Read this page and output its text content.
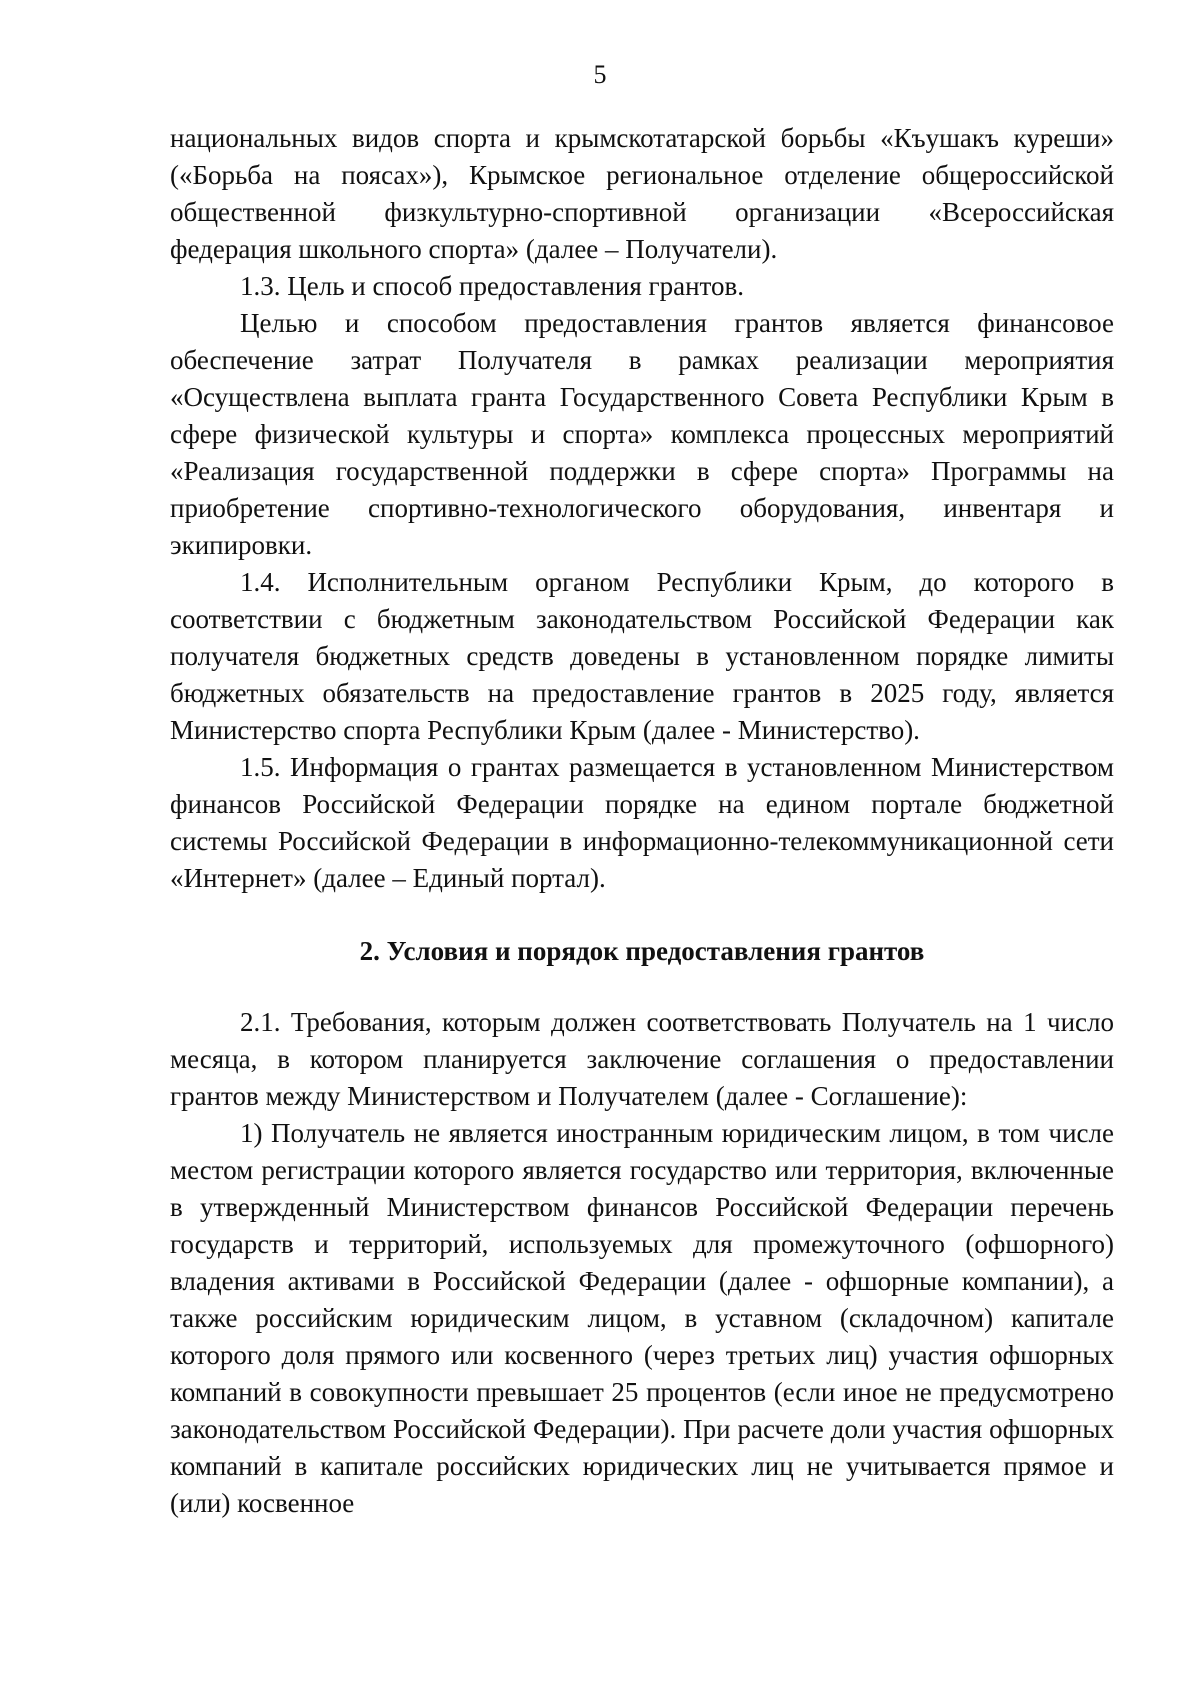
5

национальных видов спорта и крымскотатарской борьбы «Къушакъ куреши» («Борьба на поясах»), Крымское региональное отделение общероссийской общественной физкультурно-спортивной организации «Всероссийская федерация школьного спорта» (далее – Получатели).

1.3. Цель и способ предоставления грантов.

Целью и способом предоставления грантов является финансовое обеспечение затрат Получателя в рамках реализации мероприятия «Осуществлена выплата гранта Государственного Совета Республики Крым в сфере физической культуры и спорта» комплекса процессных мероприятий «Реализация государственной поддержки в сфере спорта» Программы на приобретение спортивно-технологического оборудования, инвентаря и экипировки.

1.4. Исполнительным органом Республики Крым, до которого в соответствии с бюджетным законодательством Российской Федерации как получателя бюджетных средств доведены в установленном порядке лимиты бюджетных обязательств на предоставление грантов в 2025 году, является Министерство спорта Республики Крым (далее - Министерство).

1.5. Информация о грантах размещается в установленном Министерством финансов Российской Федерации порядке на едином портале бюджетной системы Российской Федерации в информационно-телекоммуникационной сети «Интернет» (далее – Единый портал).

2. Условия и порядок предоставления грантов

2.1. Требования, которым должен соответствовать Получатель на 1 число месяца, в котором планируется заключение соглашения о предоставлении грантов между Министерством и Получателем (далее - Соглашение):

1) Получатель не является иностранным юридическим лицом, в том числе местом регистрации которого является государство или территория, включенные в утвержденный Министерством финансов Российской Федерации перечень государств и территорий, используемых для промежуточного (офшорного) владения активами в Российской Федерации (далее - офшорные компании), а также российским юридическим лицом, в уставном (складочном) капитале которого доля прямого или косвенного (через третьих лиц) участия офшорных компаний в совокупности превышает 25 процентов (если иное не предусмотрено законодательством Российской Федерации). При расчете доли участия офшорных компаний в капитале российских юридических лиц не учитывается прямое и (или) косвенное
